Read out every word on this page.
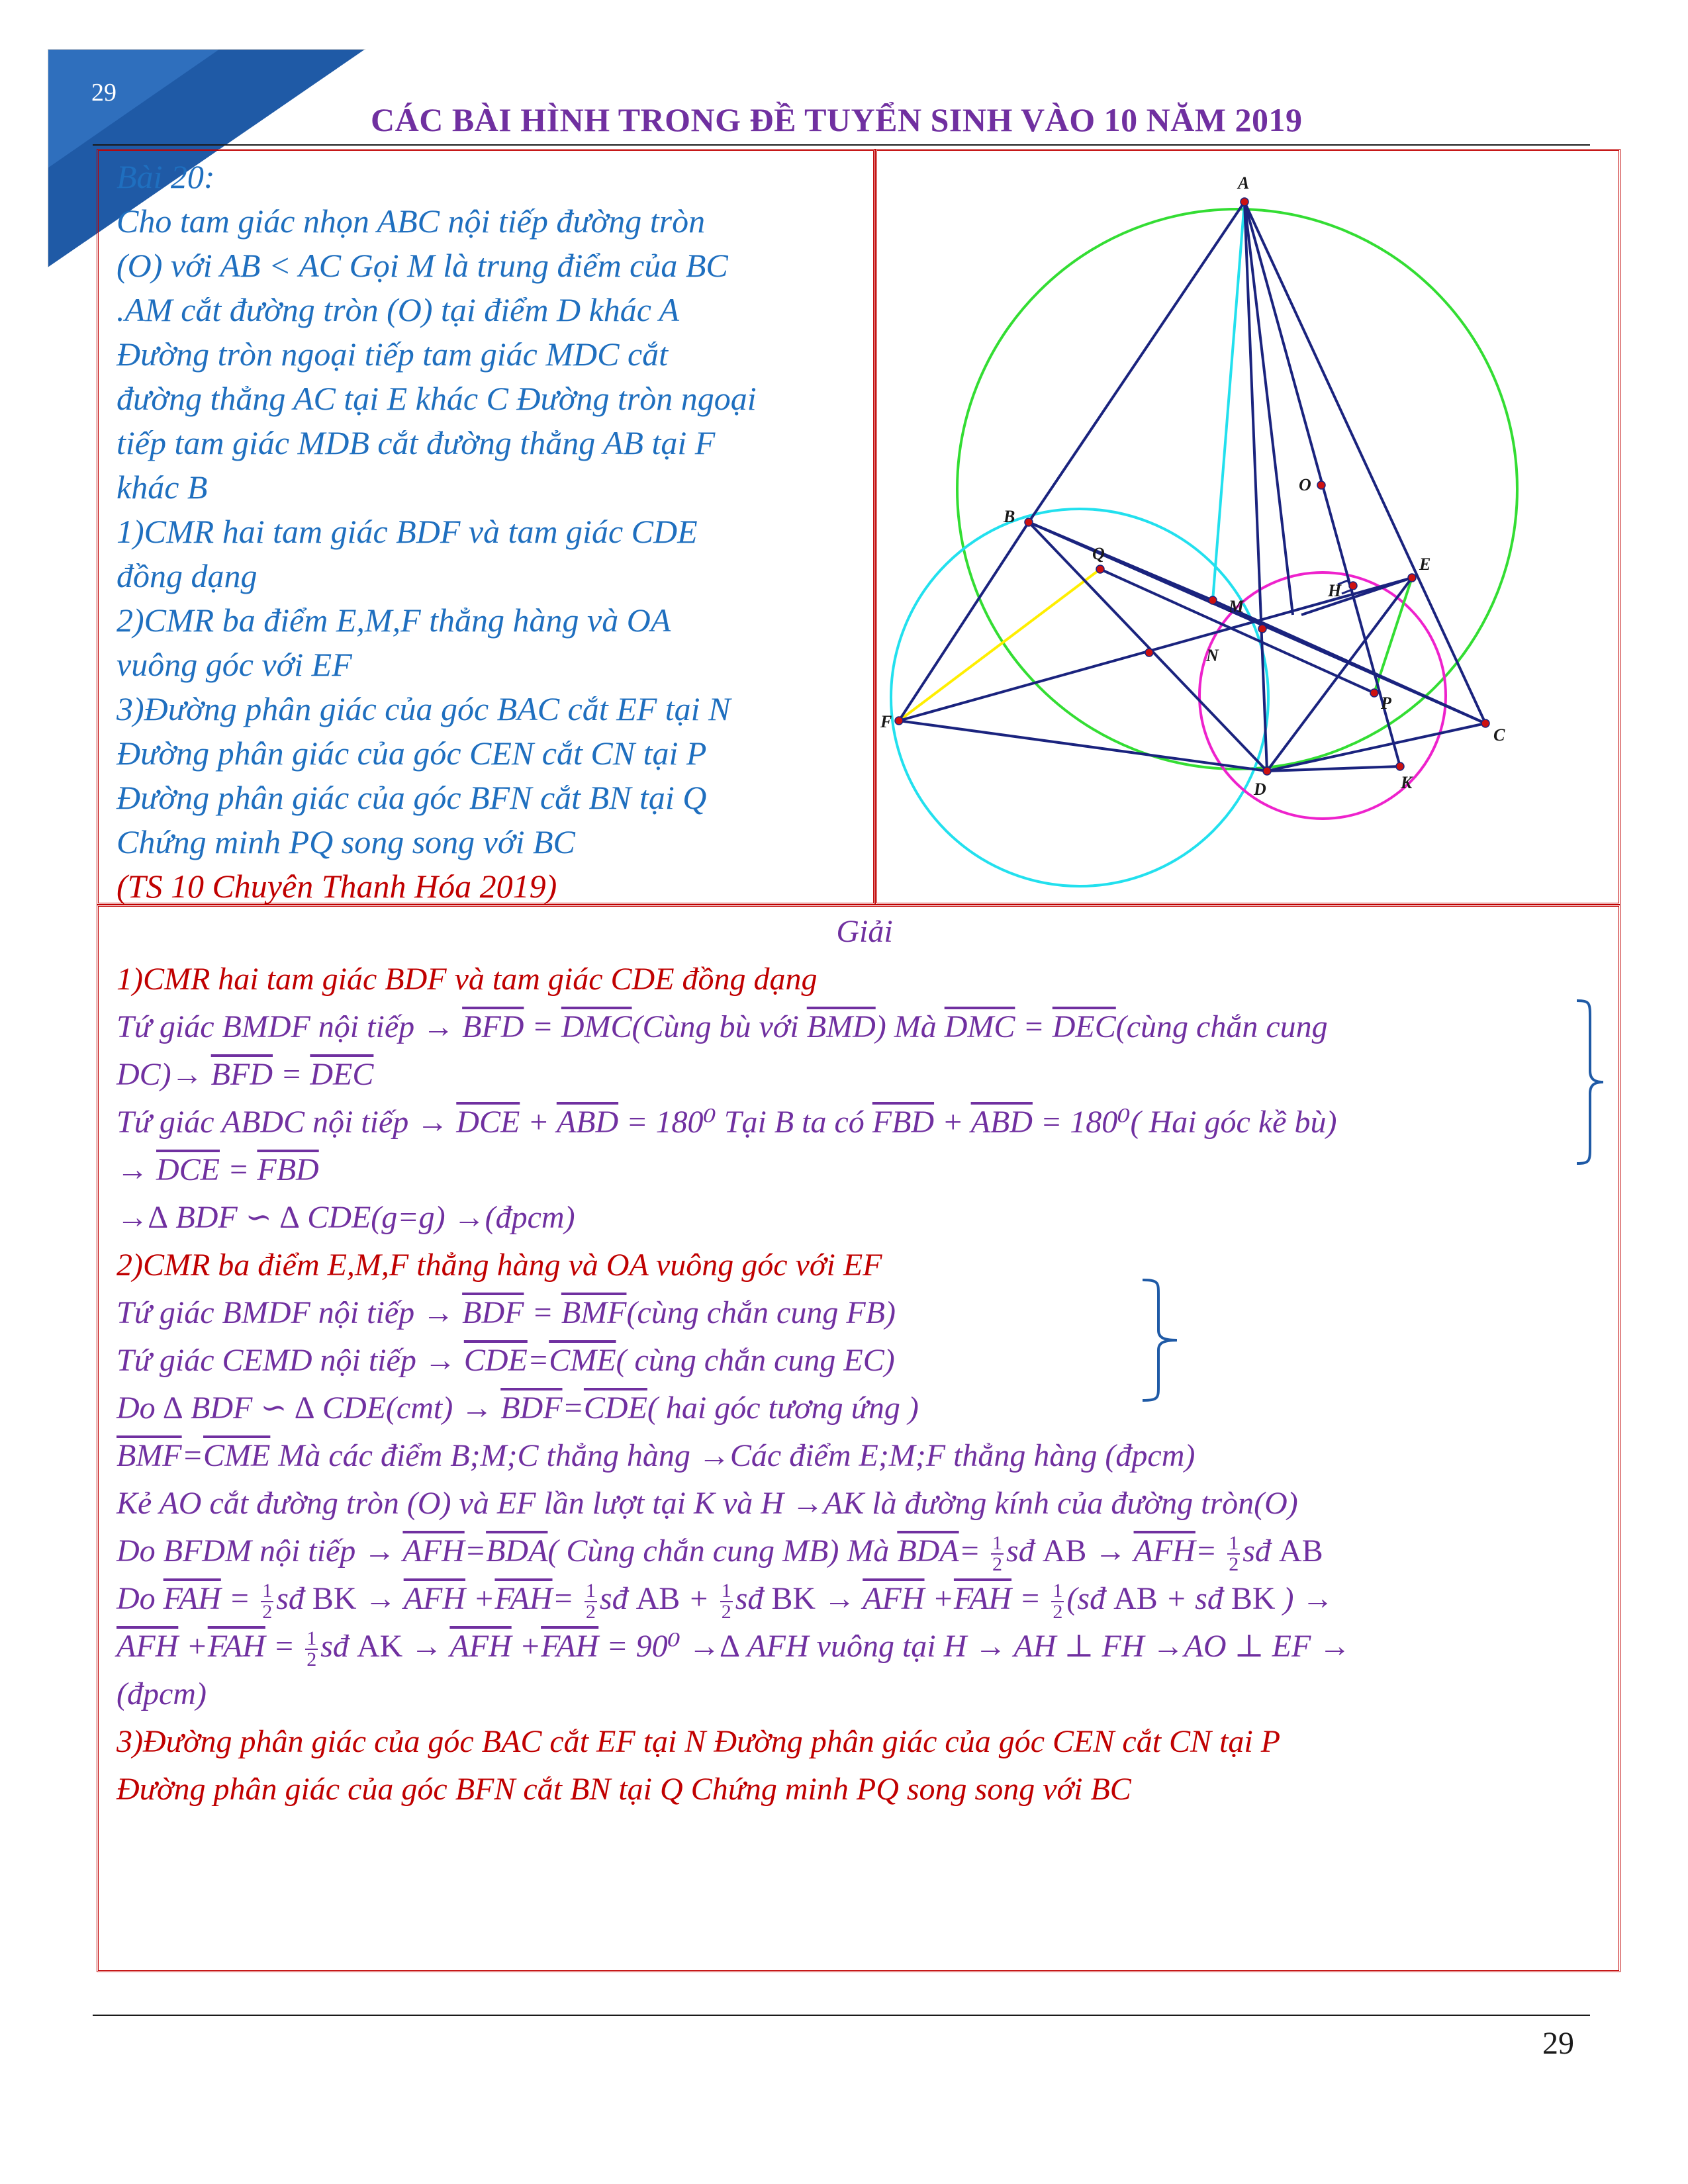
29
CÁC BÀI HÌNH TRONG ĐỀ TUYỂN SINH VÀO 10 NĂM 2019
Bài 20:
Cho tam giác nhọn ABC nội tiếp đường tròn
(O) với AB < AC Gọi M là trung điểm của BC
.AM cắt đường tròn (O) tại điểm D khác A
Đường tròn ngoại tiếp tam giác MDC cắt
đường thẳng AC tại E khác C Đường tròn ngoại
tiếp tam giác MDB cắt đường thẳng AB tại F
khác B
1)CMR hai tam giác BDF và tam giác CDE
đồng dạng
2)CMR ba điểm E,M,F thẳng hàng và OA
vuông góc với EF
3)Đường phân giác của góc BAC cắt EF tại N
Đường phân giác của góc CEN cắt CN tại P
Đường phân giác của góc BFN cắt BN tại Q
Chứng minh PQ song song với BC
(TS 10 Chuyên Thanh Hóa 2019)
A
O
B
Q
M
H
E
N
P
F
C
D	K
Giải
1)CMR hai tam giác BDF và tam giác CDE đồng dạng
Tứ giác BMDF nội tiếp → $\overline{BFD}$ = $\overline{DMC}(Cùng$ bù với $\overline{BMD}$) Mà $\overline{DMC}$ = $\overline{DEC}(cùng$ chắn cung
$DC)\to \overline{BFD} = \overline{DEC}$
Tứ giác ABDC nội tiếp → $\overline{DCE} + \overline{ABD} = 180^0$ Tại B ta có $\overline{FBD} + \overline{ABD} = 180^0$( Hai góc kề bù)
→ $\overline{DCE} = \overline{FBD}$
→∆ BDF ∽ ∆ CDE(g=g) →(đpcm)
2)CMR ba điểm E,M,F thẳng hàng và OA vuông góc với EF
Tứ giác BMDF nội tiếp → $\overline{BDF}$ = $\overline{BMF}(cùng$ chắn cung FB)
Tứ giác CEMD nội tiếp → $\overline{CDE}=\overline{CME}$( cùng chắn cung EC)
Do ∆ BDF ∽ ∆ $CDE(cmt) \to \overline{BDF}=\overline{CDE}$( hai góc tương ứng )
$\overline{BMF}=\overline{CME}$ Mà các điểm B;M;C thẳng hàng →Các điểm E;M;F thẳng hàng (đpcm)
Kẻ AO cắt đường tròn (O) và EF lần lượt tại K và H →AK là đường kính của đường tròn(O)
Do BFDM nội tiếp → $\overline{AFH}=\overline{BDA}$( Cùng chắn cung MB) Mà $\overline{BDA}= \frac{1}{2}$ sđ AB → $\overline{AFH}= \frac{1}{2}$ sđ AB
Do $\overline{FAH} = \frac{1}{2}$ sđ BK → $\overline{AFH} +\overline{FAH}= \frac{1}{2}$ sđ AB + $\frac{1}{2}$ sđ BK → $\overline{AFH} +\overline{FAH} = \frac{1}{2}$ (sđ AB + sđ BK ) →
$\overline{AFH} +\overline{FAH} = \frac{1}{2}$ sđ AK → $\overline{AFH} +\overline{FAH} = 90^0$ →∆ AFH vuông tại H → AH ⊥ FH →AO ⊥ EF →
(đpcm)
3)Đường phân giác của góc BAC cắt EF tại N Đường phân giác của góc CEN cắt CN tại P
Đường phân giác của góc BFN cắt BN tại Q Chứng minh PQ song song với BC
29
